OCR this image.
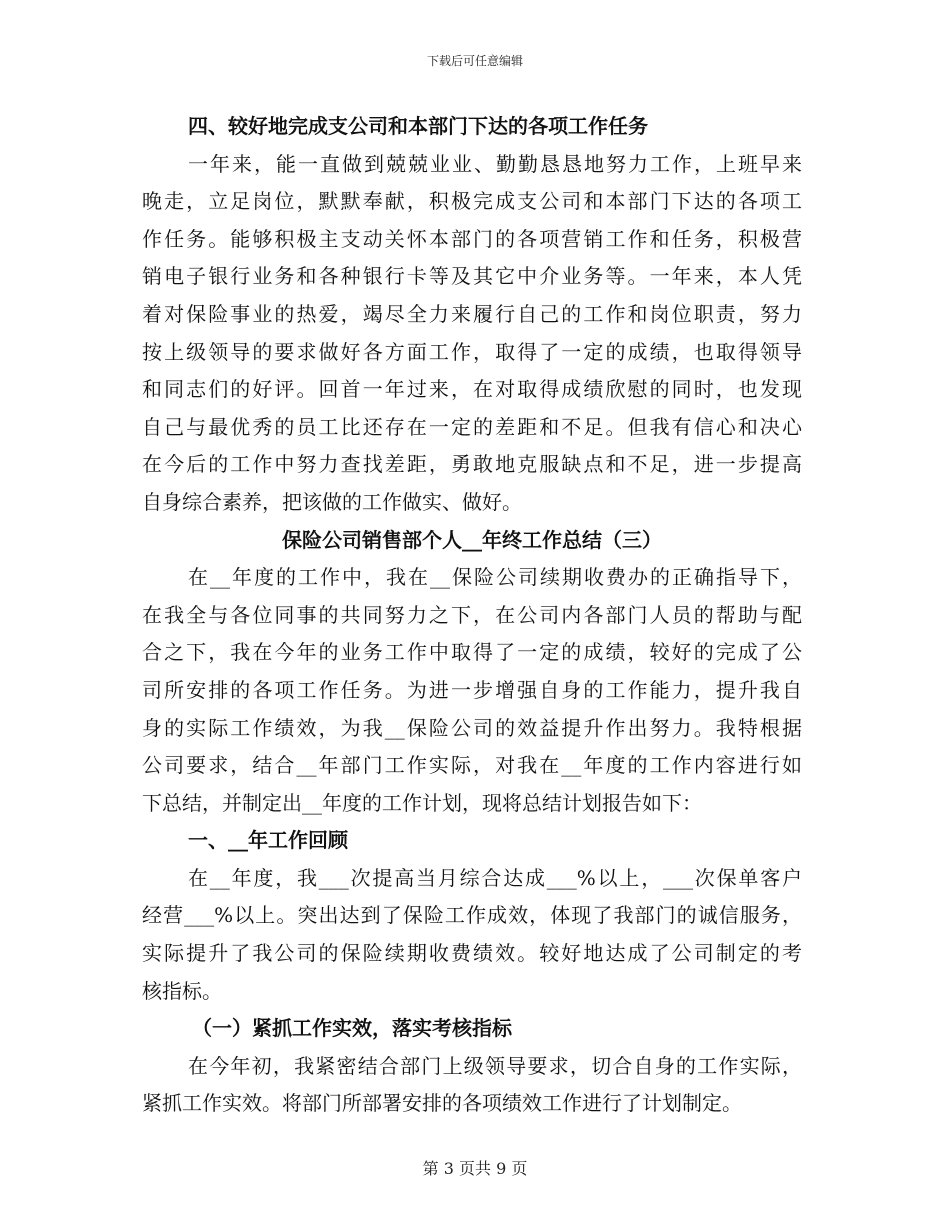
下载后可任意编辑
四、较好地完成支公司和本部门下达的各项工作任务
一年来，能一直做到兢兢业业、勤勤恳恳地努力工作，上班早来
晚走，立足岗位，默默奉献，积极完成支公司和本部门下达的各项工
作任务。能够积极主支动关怀本部门的各项营销工作和任务，积极营
销电子银行业务和各种银行卡等及其它中介业务等。一年来，本人凭
着对保险事业的热爱，竭尽全力来履行自己的工作和岗位职责，努力
按上级领导的要求做好各方面工作，取得了一定的成绩，也取得领导
和同志们的好评。回首一年过来，在对取得成绩欣慰的同时，也发现
自己与最优秀的员工比还存在一定的差距和不足。但我有信心和决心
在今后的工作中努力查找差距，勇敢地克服缺点和不足，进一步提高
自身综合素养，把该做的工作做实、做好。
保险公司销售部个人__年终工作总结（三）
在__年度的工作中，我在__保险公司续期收费办的正确指导下，
在我全与各位同事的共同努力之下，在公司内各部门人员的帮助与配
合之下，我在今年的业务工作中取得了一定的成绩，较好的完成了公
司所安排的各项工作任务。为进一步增强自身的工作能力，提升我自
身的实际工作绩效，为我__保险公司的效益提升作出努力。我特根据
公司要求，结合__年部门工作实际，对我在__年度的工作内容进行如
下总结，并制定出__年度的工作计划，现将总结计划报告如下：
一、__年工作回顾
在__年度，我___次提高当月综合达成___%以上，___次保单客户
经营___%以上。突出达到了保险工作成效，体现了我部门的诚信服务，
实际提升了我公司的保险续期收费绩效。较好地达成了公司制定的考
核指标。
（一）紧抓工作实效，落实考核指标
在今年初，我紧密结合部门上级领导要求，切合自身的工作实际，
紧抓工作实效。将部门所部署安排的各项绩效工作进行了计划制定。
第 3 页共 9 页
